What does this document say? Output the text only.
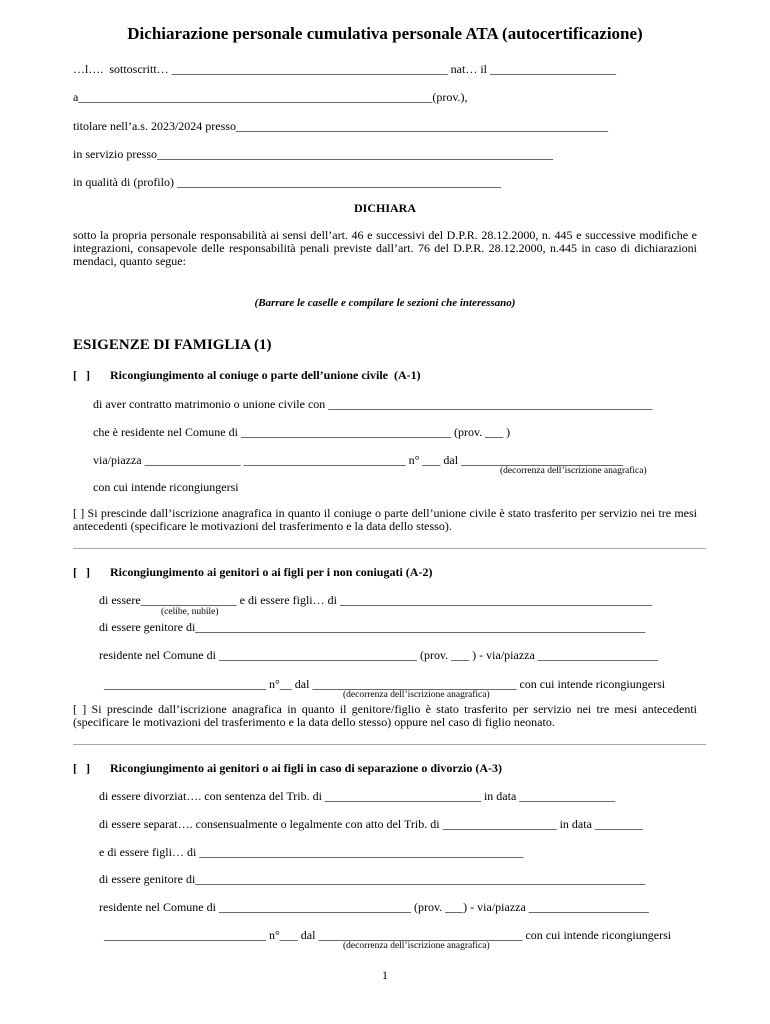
Dichiarazione personale cumulativa personale ATA (autocertificazione)
…l….  sottoscritt… ______________________________________________ nat… il _____________________
a___________________________________________________________(prov.),
titolare nell’a.s. 2023/2024 presso______________________________________________________________
in servizio presso__________________________________________________________________
in qualità di (profilo) ______________________________________________________
DICHIARA
sotto la propria personale responsabilità ai sensi dell’art. 46 e successivi del D.P.R. 28.12.2000, n. 445 e successive modifiche e integrazioni, consapevole delle responsabilità penali previste dall’art. 76 del D.P.R. 28.12.2000, n.445 in caso di dichiarazioni mendaci, quanto segue:
(Barrare le caselle e compilare le sezioni che interessano)
ESIGENZE DI FAMIGLIA (1)
[   ] Ricongiungimento al coniuge o parte dell’unione civile  (A-1)
di aver contratto matrimonio o unione civile con ______________________________________________________
che è residente nel Comune di ___________________________________ (prov. ___ )
via/piazza ________________ ___________________________ n° ___ dal ___________________________
(decorrenza dell’iscrizione anagrafica)
con cui intende ricongiungersi
[ ] Si prescinde dall’iscrizione anagrafica in quanto il coniuge o parte dell’unione civile è stato trasferito per servizio nei tre mesi antecedenti (specificare le motivazioni del trasferimento e la data dello stesso).
[   ] Ricongiungimento ai genitori o ai figli per i non coniugati (A-2)
di essere________________ e di essere figli… di ____________________________________________________
(celibe, nubile)
di essere genitore di___________________________________________________________________________
residente nel Comune di _________________________________ (prov. ___ ) - via/piazza ____________________
___________________________ n°__ dal __________________________________ con cui intende ricongiungersi
(decorrenza dell’iscrizione anagrafica)
[ ] Si prescinde dall’iscrizione anagrafica in quanto il genitore/figlio è stato trasferito per servizio nei tre mesi antecedenti (specificare le motivazioni del trasferimento e la data dello stesso) oppure nel caso di figlio neonato.
[   ] Ricongiungimento ai genitori o ai figli in caso di separazione o divorzio (A-3)
di essere divorziat…. con sentenza del Trib. di __________________________ in data ________________
di essere separat…. consensualmente o legalmente con atto del Trib. di ___________________ in data ________
e di essere figli… di ______________________________________________________
di essere genitore di___________________________________________________________________________
residente nel Comune di ________________________________ (prov. ___) - via/piazza ____________________
___________________________ n°___ dal __________________________________ con cui intende ricongiungersi
(decorrenza dell’iscrizione anagrafica)
1
